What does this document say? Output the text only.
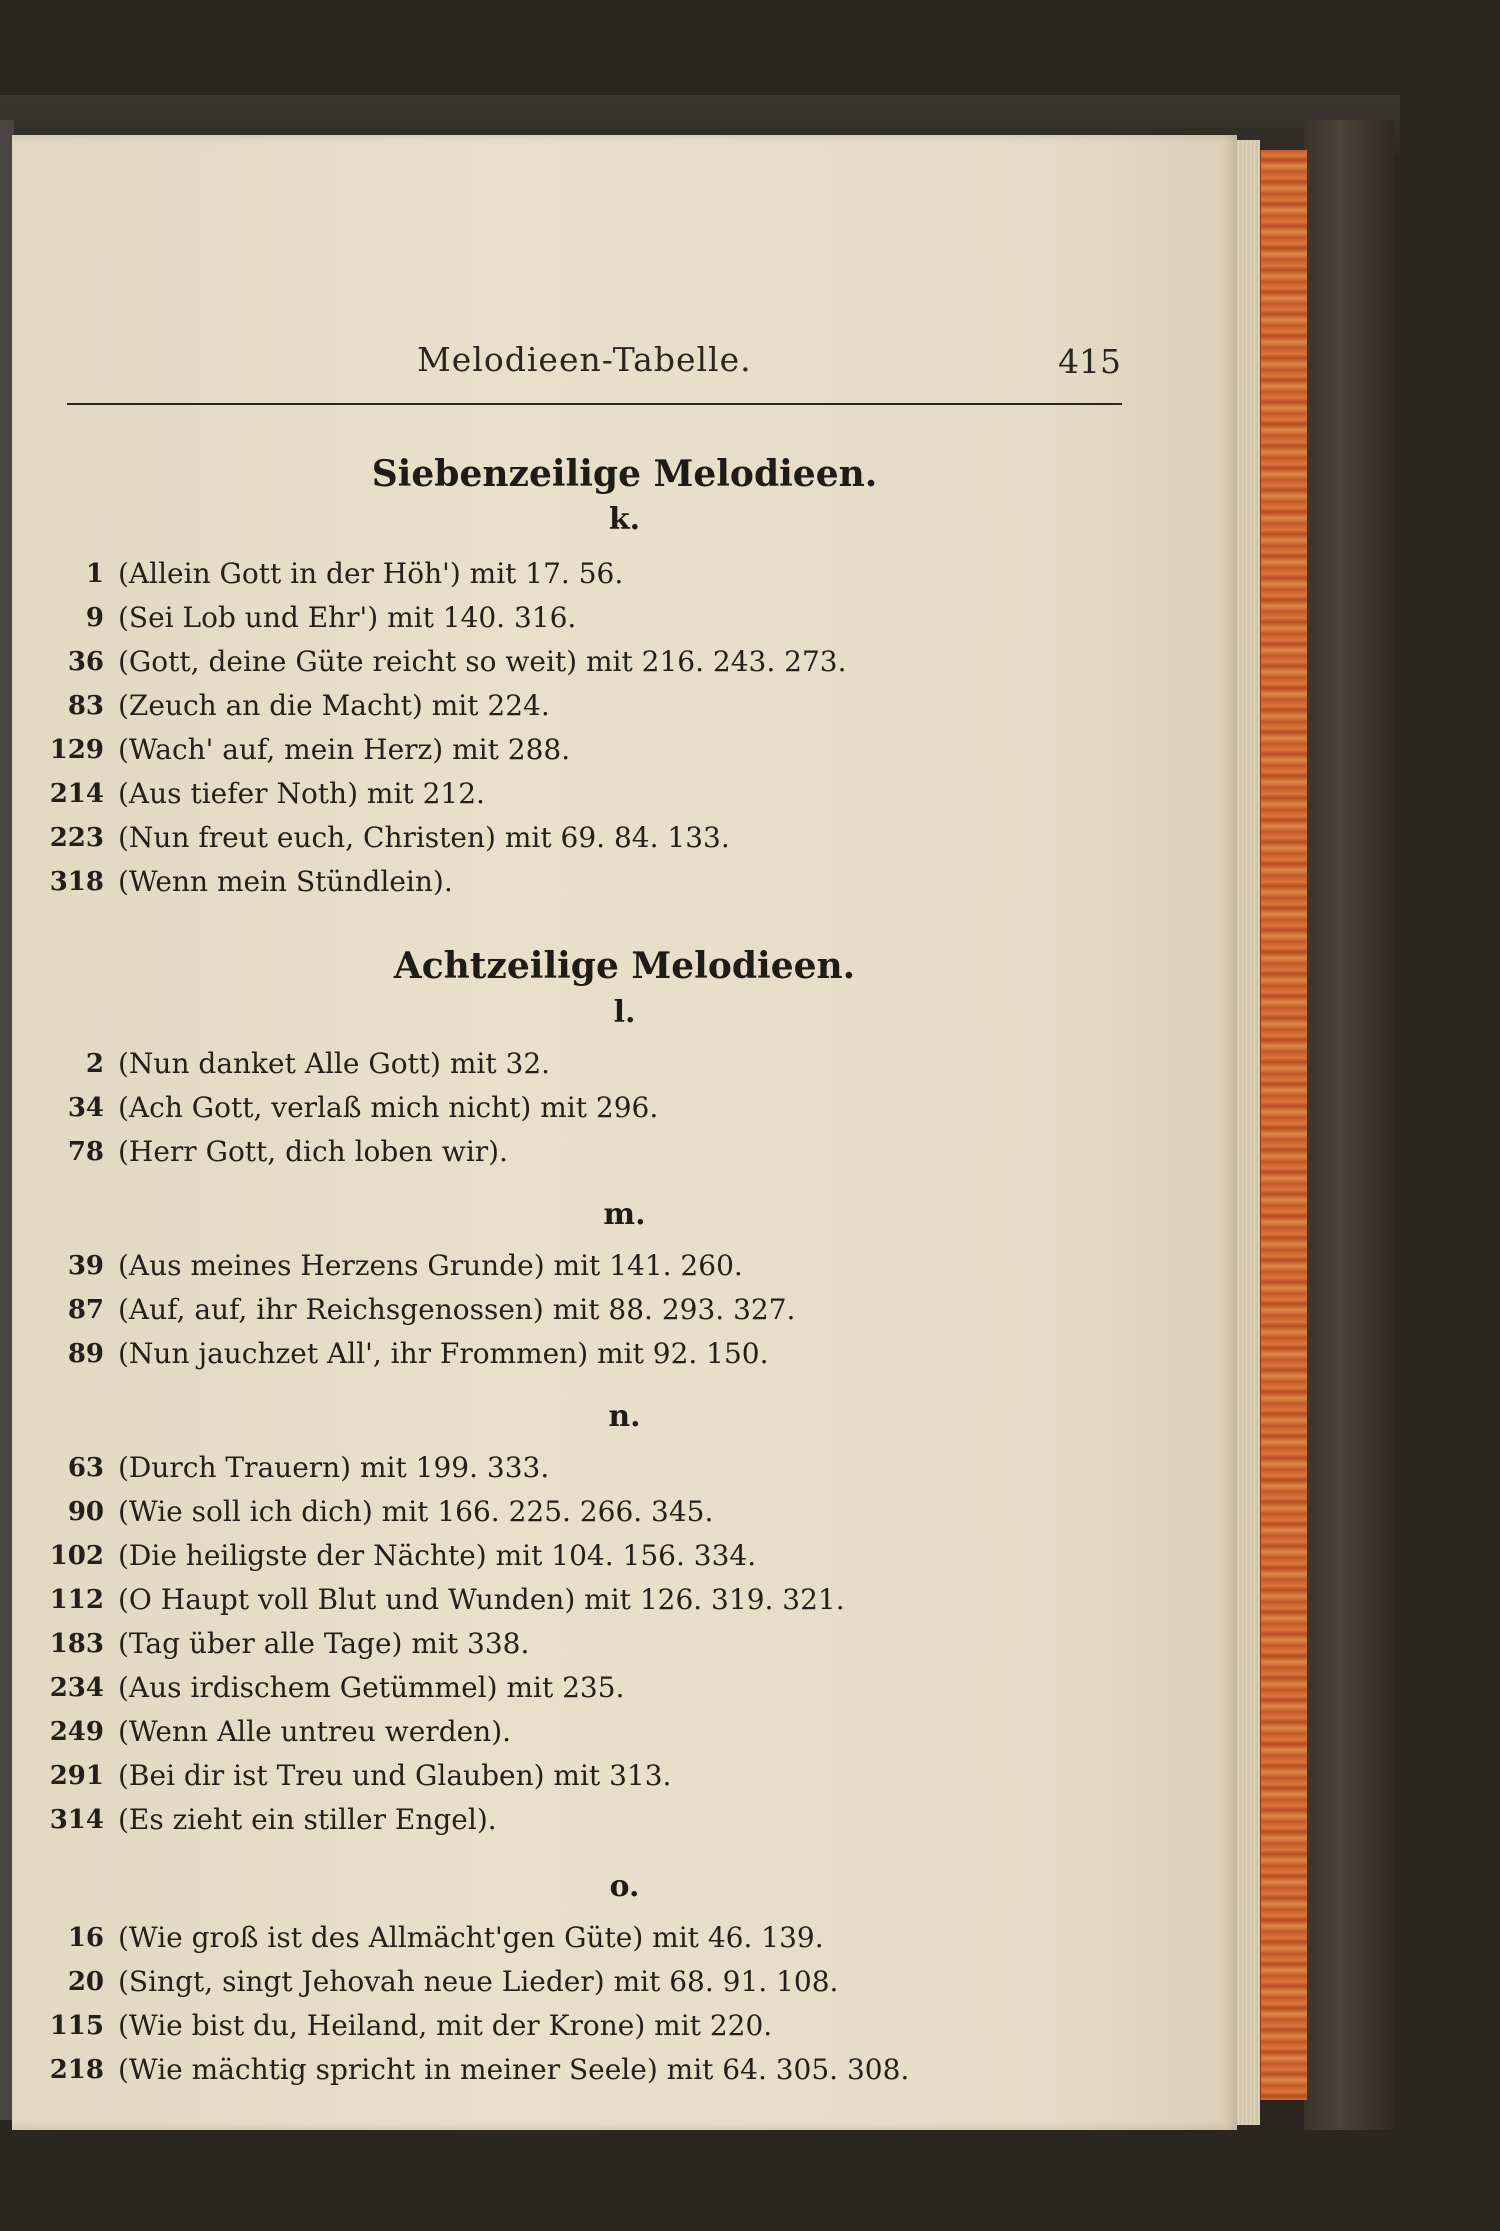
Melodieen-Tabelle.	415
Siebenzeilige Melodieen.
k.
1 (Allein Gott in der Höh') mit 17. 56.
9 (Sei Lob und Ehr') mit 140. 316.
36 (Gott, deine Güte reicht so weit) mit 216. 243. 273.
83 (Zeuch an die Macht) mit 224.
129 (Wach' auf, mein Herz) mit 288.
214 (Aus tiefer Noth) mit 212.
223 (Nun freut euch, Christen) mit 69. 84. 133.
318 (Wenn mein Stündlein).
Achtzeilige Melodieen.
l.
2 (Nun danket Alle Gott) mit 32.
34 (Ach Gott, verlaß mich nicht) mit 296.
78 (Herr Gott, dich loben wir).
m.
39 (Aus meines Herzens Grunde) mit 141. 260.
87 (Auf, auf, ihr Reichsgenossen) mit 88. 293. 327.
89 (Nun jauchzet All', ihr Frommen) mit 92. 150.
n.
63 (Durch Trauern) mit 199. 333.
90 (Wie soll ich dich) mit 166. 225. 266. 345.
102 (Die heiligste der Nächte) mit 104. 156. 334.
112 (O Haupt voll Blut und Wunden) mit 126. 319. 321.
183 (Tag über alle Tage) mit 338.
234 (Aus irdischem Getümmel) mit 235.
249 (Wenn Alle untreu werden).
291 (Bei dir ist Treu und Glauben) mit 313.
314 (Es zieht ein stiller Engel).
o.
16 (Wie groß ist des Allmächt'gen Güte) mit 46. 139.
20 (Singt, singt Jehovah neue Lieder) mit 68. 91. 108.
115 (Wie bist du, Heiland, mit der Krone) mit 220.
218 (Wie mächtig spricht in meiner Seele) mit 64. 305. 308.
